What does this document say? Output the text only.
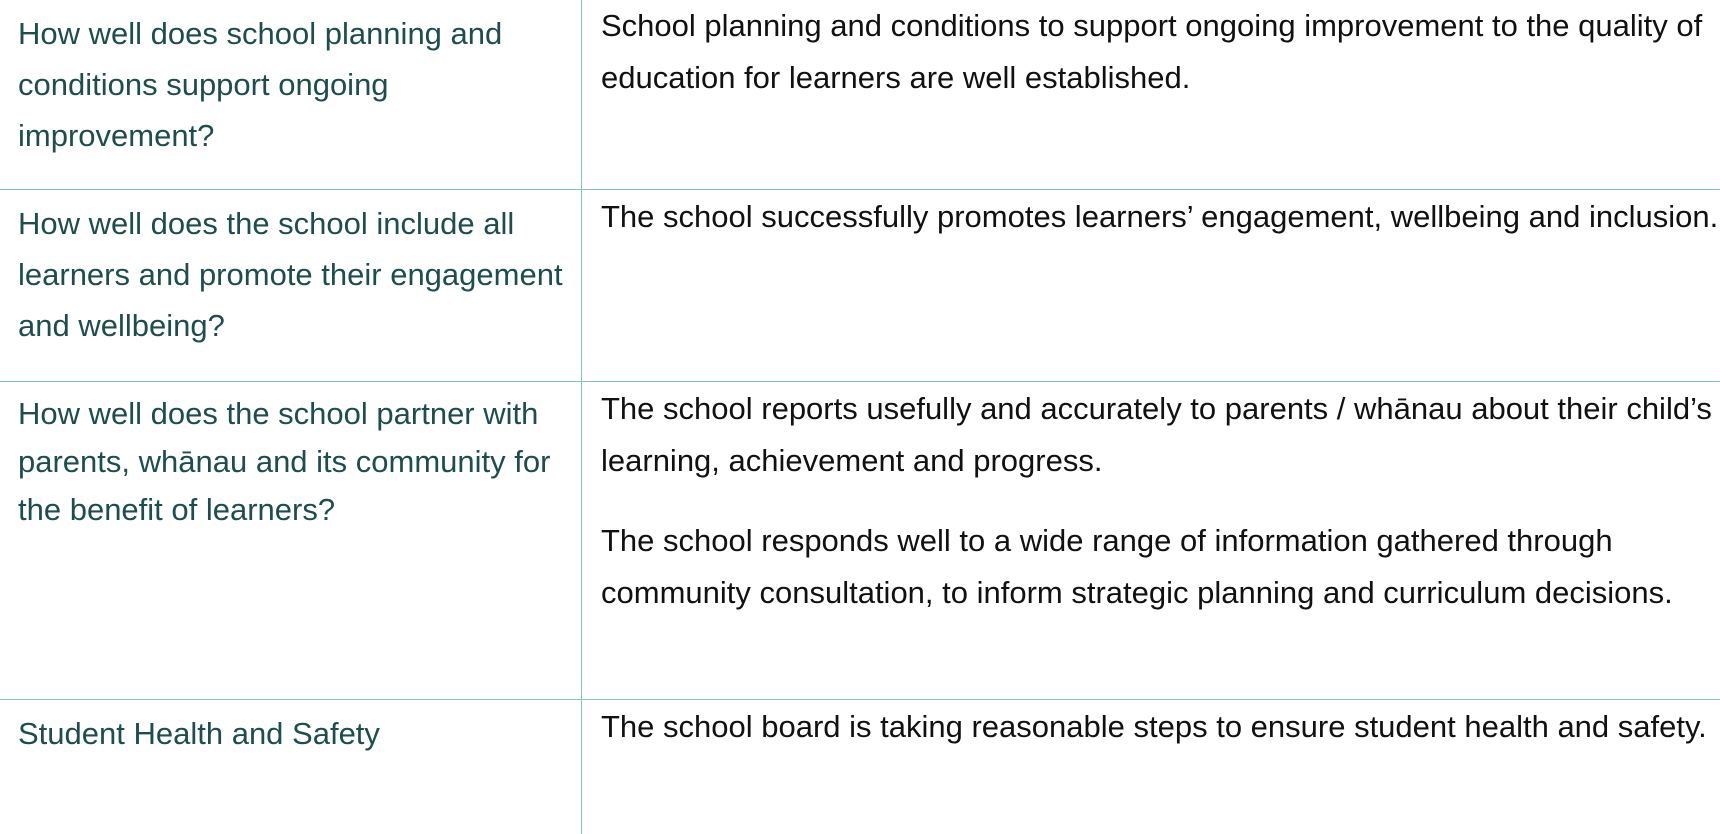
How well does school planning and conditions support ongoing improvement?

School planning and conditions to support ongoing improvement to the quality of education for learners are well established.

How well does the school include all learners and promote their engagement and wellbeing?

The school successfully promotes learners’ engagement, wellbeing and inclusion.

How well does the school partner with parents, whānau and its community for the benefit of learners?

The school reports usefully and accurately to parents / whānau about their child’s learning, achievement and progress.

The school responds well to a wide range of information gathered through community consultation, to inform strategic planning and curriculum decisions.

Student Health and Safety	The school board is taking reasonable steps to ensure student health and safety.
